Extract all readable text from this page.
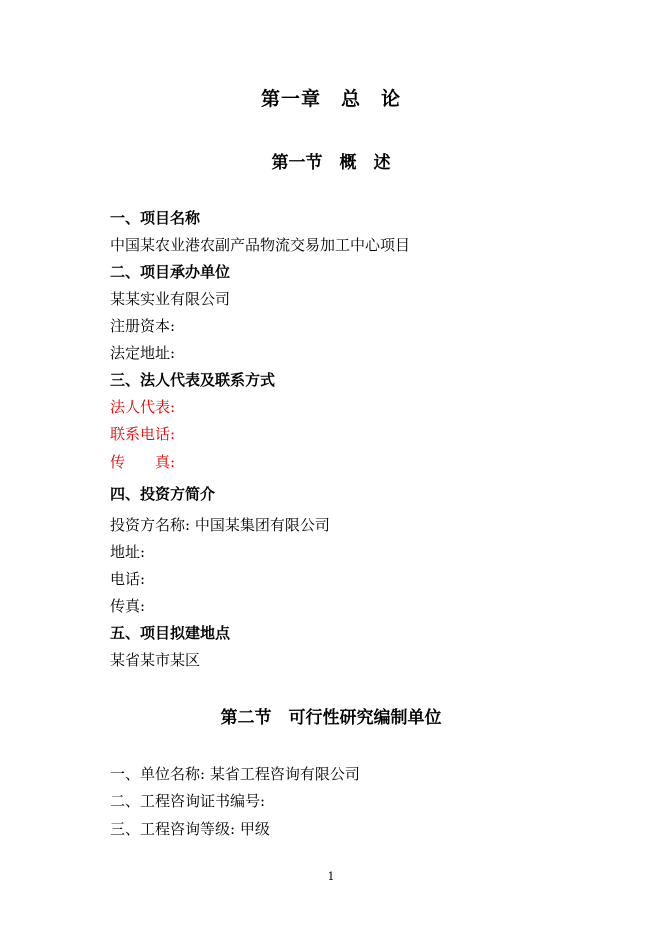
第一章　总　论
第一节　概　述
一、项目名称
中国某农业港农副产品物流交易加工中心项目
二、项目承办单位
某某实业有限公司
注册资本:
法定地址:
三、法人代表及联系方式
法人代表:
联系电话:
传　　真:
四、投资方简介
投资方名称: 中国某集团有限公司
地址:
电话:
传真:
五、项目拟建地点
某省某市某区
第二节　可行性研究编制单位
一、单位名称: 某省工程咨询有限公司
二、工程咨询证书编号:
三、工程咨询等级: 甲级
1
